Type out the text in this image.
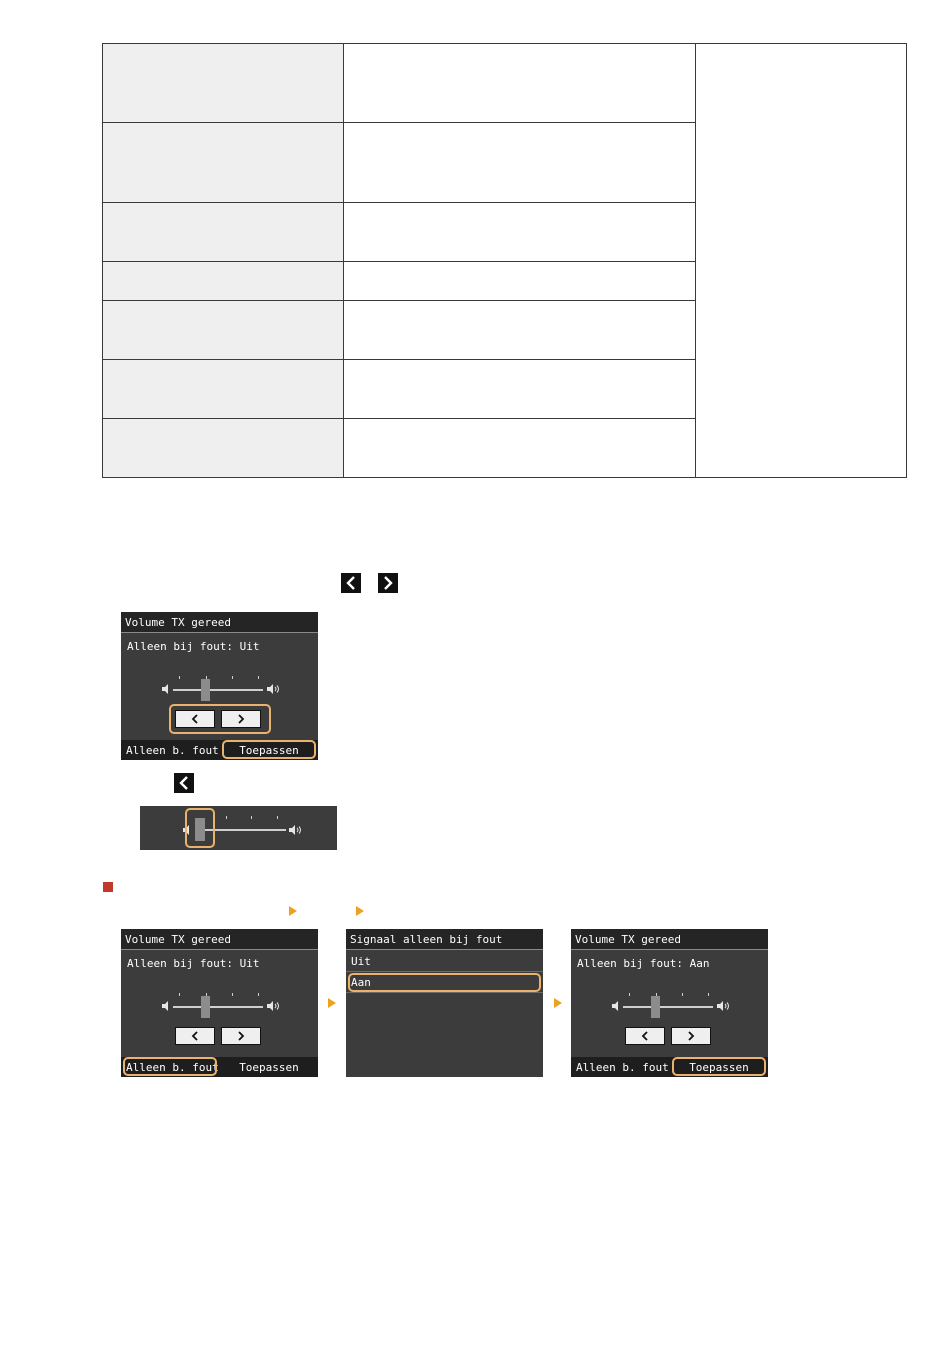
Volume TX gereed
Alleen bij fout: Uit
Alleen b. fout	Toepassen
Volume TX gereed
Alleen bij fout: Uit
Alleen b. fout	Toepassen
Signaal alleen bij fout
Uit
Aan
Volume TX gereed
Alleen bij fout: Aan
Alleen b. fout	Toepassen
